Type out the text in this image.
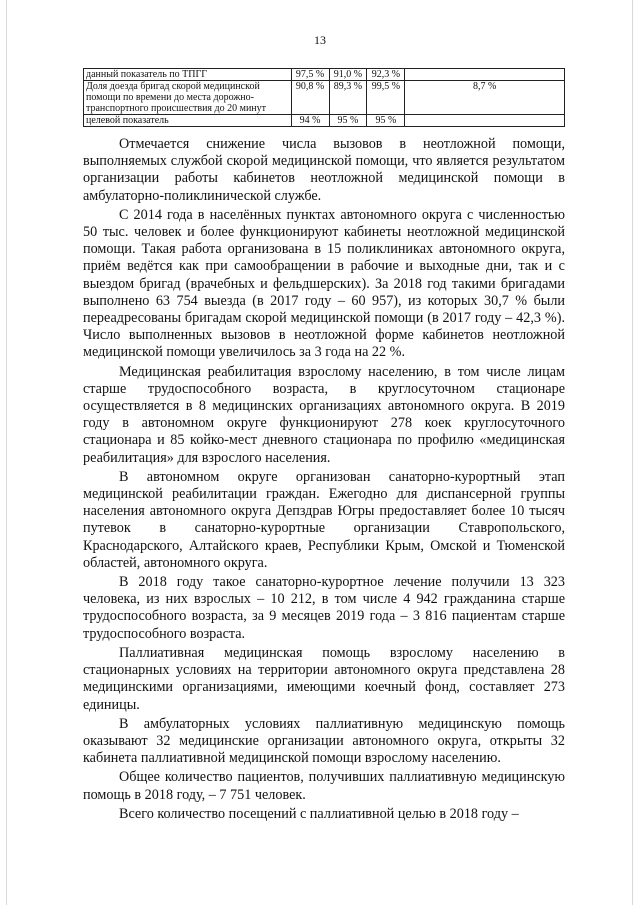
13
данный показатель по ТПГГ	97,5 %	91,0 %	92,3 %	
Доля доезда бригад скорой медицинской помощи по времени до места дорожно-транспортного происшествия до 20 минут	90,8 %	89,3 %	99,5 %	8,7 %
целевой показатель	94 %	95 %	95 %	

Отмечается снижение числа вызовов в неотложной помощи, выполняемых службой скорой медицинской помощи, что является результатом организации работы кабинетов неотложной медицинской помощи в амбулаторно-поликлинической службе.

С 2014 года в населённых пунктах автономного округа с численностью 50 тыс. человек и более функционируют кабинеты неотложной медицинской помощи. Такая работа организована в 15 поликлиниках автономного округа, приём ведётся как при самообращении в рабочие и выходные дни, так и с выездом бригад (врачебных и фельдшерских). За 2018 год такими бригадами выполнено 63 754 выезда (в 2017 году – 60 957), из которых 30,7 % были переадресованы бригадам скорой медицинской помощи (в 2017 году – 42,3 %). Число выполненных вызовов в неотложной форме кабинетов неотложной медицинской помощи увеличилось за 3 года на 22 %.

Медицинская реабилитация взрослому населению, в том числе лицам старше трудоспособного возраста, в круглосуточном стационаре осуществляется в 8 медицинских организациях автономного округа. В 2019 году в автономном округе функционируют 278 коек круглосуточного стационара и 85 койко-мест дневного стационара по профилю «медицинская реабилитация» для взрослого населения.

В автономном округе организован санаторно-курортный этап медицинской реабилитации граждан. Ежегодно для диспансерной группы населения автономного округа Депздрав Югры предоставляет более 10 тысяч путевок в санаторно-курортные организации Ставропольского, Краснодарского, Алтайского краев, Республики Крым, Омской и Тюменской областей, автономного округа.

В 2018 году такое санаторно-курортное лечение получили 13 323 человека, из них взрослых – 10 212, в том числе 4 942 гражданина старше трудоспособного возраста, за 9 месяцев 2019 года – 3 816 пациентам старше трудоспособного возраста.

Паллиативная медицинская помощь взрослому населению в стационарных условиях на территории автономного округа представлена 28 медицинскими организациями, имеющими коечный фонд, составляет 273 единицы.

В амбулаторных условиях паллиативную медицинскую помощь оказывают 32 медицинские организации автономного округа, открыты 32 кабинета паллиативной медицинской помощи взрослому населению.

Общее количество пациентов, получивших паллиативную медицинскую помощь в 2018 году, – 7 751 человек.

Всего количество посещений с паллиативной целью в 2018 году –
